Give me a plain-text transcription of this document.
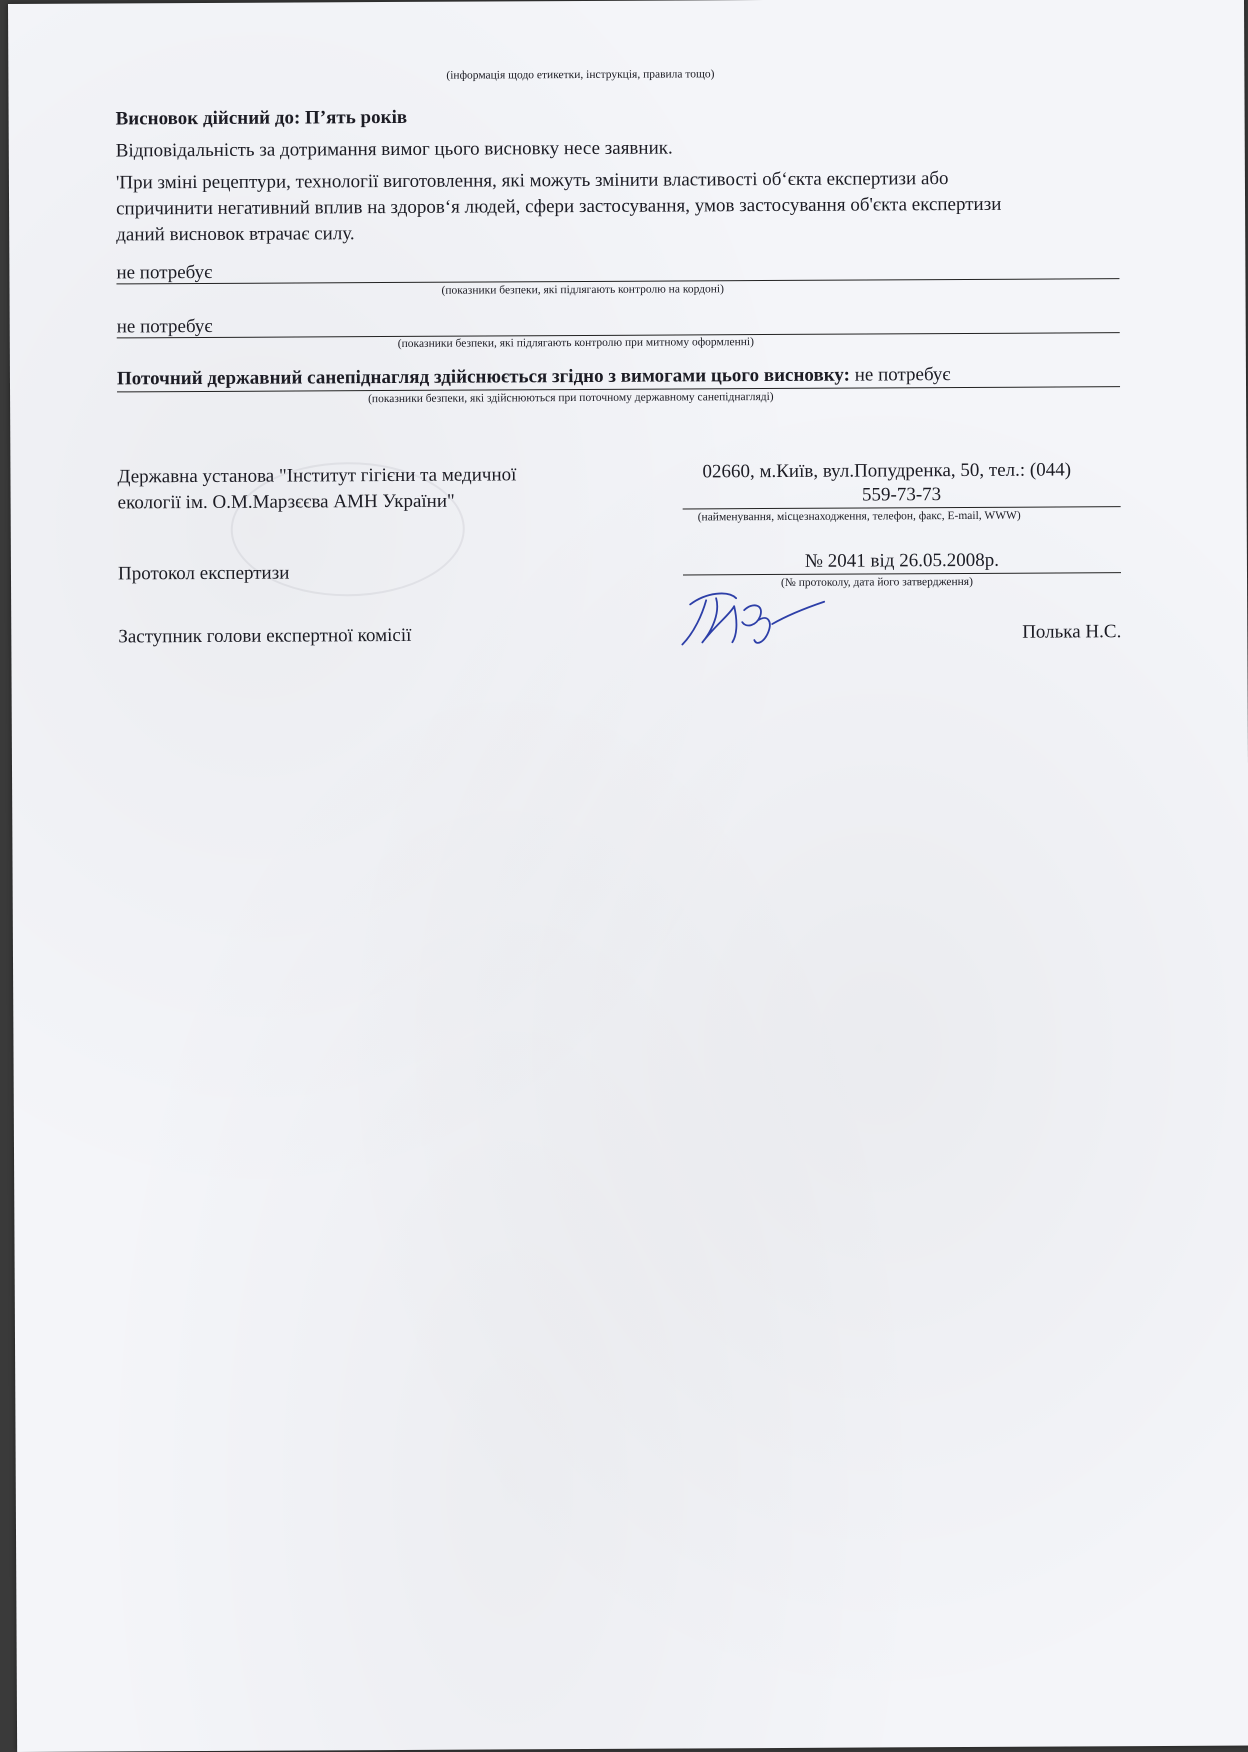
(інформація щодо етикетки, інструкція, правила тощо)
Висновок дійсний до: П’ять років
Відповідальність за дотримання вимог цього висновку несе заявник.
'При зміні рецептури, технології виготовлення, які можуть змінити властивості об‘єкта експертизи або
спричинити негативний вплив на здоров‘я людей, сфери застосування, умов застосування об'єкта експертизи
даний висновок втрачає силу.
не потребує
(показники безпеки, які підлягають контролю на кордоні)
не потребує
(показники безпеки, які підлягають контролю при митному оформленні)
Поточний державний санепіднагляд здійснюється згідно з вимогами цього висновку: не потребує
(показники безпеки, які здійснюються при поточному державному санепіднагляді)
Державна установа "Інститут гігієни та медичної
екології ім. О.М.Марзєєва АМН України"
02660, м.Київ, вул.Попудренка, 50, тел.: (044)
559-73-73
(найменування, місцезнаходження, телефон, факс, E-mail, WWW)
Протокол експертизи
№ 2041 від 26.05.2008р.
(№ протоколу, дата його затвердження)
Заступник голови експертної комісії	Полька Н.С.
